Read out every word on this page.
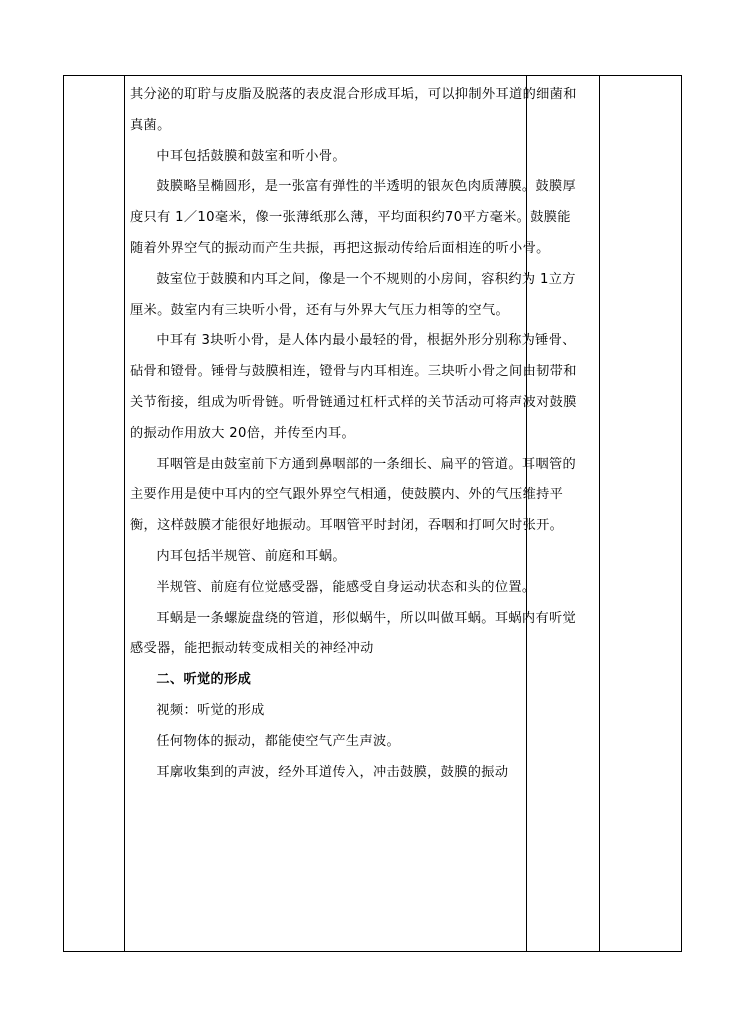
其分泌的耵聍与皮脂及脱落的表皮混合形成耳垢，可以抑制外耳道的细菌和真菌。

中耳包括鼓膜和鼓室和听小骨。

鼓膜略呈椭圆形，是一张富有弹性的半透明的银灰色肉质薄膜。鼓膜厚度只有 1／10毫米，像一张薄纸那么薄，平均面积约70平方毫米。鼓膜能随着外界空气的振动而产生共振，再把这振动传给后面相连的听小骨。

鼓室位于鼓膜和内耳之间，像是一个不规则的小房间，容积约为 1立方厘米。鼓室内有三块听小骨，还有与外界大气压力相等的空气。

中耳有 3块听小骨，是人体内最小最轻的骨，根据外形分别称为锤骨、砧骨和镫骨。锤骨与鼓膜相连，镫骨与内耳相连。三块听小骨之间由韧带和关节衔接，组成为听骨链。听骨链通过杠杆式样的关节活动可将声波对鼓膜的振动作用放大 20倍，并传至内耳。

耳咽管是由鼓室前下方通到鼻咽部的一条细长、扁平的管道。耳咽管的主要作用是使中耳内的空气跟外界空气相通，使鼓膜内、外的气压维持平衡，这样鼓膜才能很好地振动。耳咽管平时封闭，吞咽和打呵欠时张开。

内耳包括半规管、前庭和耳蜗。

半规管、前庭有位觉感受器，能感受自身运动状态和头的位置。

耳蜗是一条螺旋盘绕的管道，形似蜗牛，所以叫做耳蜗。耳蜗内有听觉感受器，能把振动转变成相关的神经冲动

二、听觉的形成

视频：听觉的形成

任何物体的振动，都能使空气产生声波。

耳廓收集到的声波，经外耳道传入，冲击鼓膜，鼓膜的振动
